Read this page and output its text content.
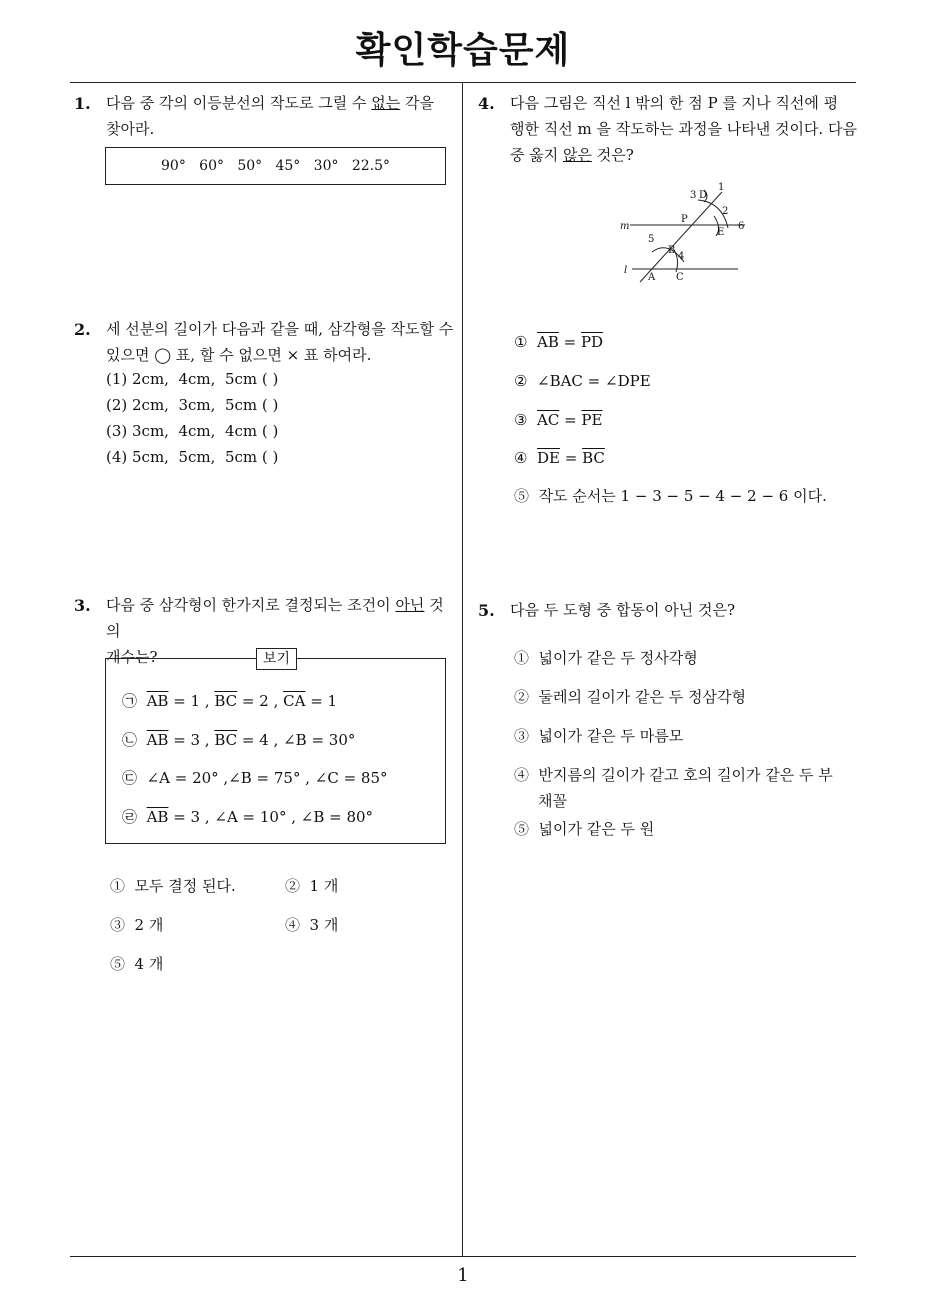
확인학습문제
1
1. 다음 중 각의 이등분선의 작도로 그릴 수 없는 각을
찾아라.
90°   60°   50°   45°   30°   22.5°
2. 세 선분의 길이가 다음과 같을 때, 삼각형을 작도할 수
있으면 ◯ 표, 할 수 없으면 × 표 하여라.
(1) 2cm,  4cm,  5cm ( )
(2) 2cm,  3cm,  5cm ( )
(3) 3cm,  4cm,  4cm ( )
(4) 5cm,  5cm,  5cm ( )
3. 다음 중 삼각형이 한가지로 결정되는 조건이 아닌 것의
개수는?	보기
㉠ $\overline{AB} = 1$ , $\overline{BC} = 2$ , $\overline{CA} = 1$
㉡ $\overline{AB} = 3$ , $\overline{BC} = 4$ , ∠B = 30°
㉢ ∠A = 20° ,∠B = 75° , ∠C = 85°
㉣ $\overline{AB} = 3$ , ∠A = 10° , ∠B = 80°
①  모두 결정 된다.	②  1 개
③  2 개	④  3 개
⑤  4 개
4. 다음 그림은 직선 l 밖의 한 점 P 를 지나 직선에 평
행한 직선 m 을 작도하는 과정을 나타낸 것이다. 다음
중 옳지 않은 것은?
m
l
P
D
E
A
B
C
1
2
3
4
5
6
① $\overline{AB} = \overline{PD}$
② ∠BAC = ∠DPE
③ $\overline{AC} = \overline{PE}$
④ $\overline{DE} = \overline{BC}$
⑤ 작도 순서는 1 − 3 − 5 − 4 − 2 − 6 이다.
5. 다음 두 도형 중 합동이 아닌 것은?
①  넓이가 같은 두 정사각형
②  둘레의 길이가 같은 두 정삼각형
③  넓이가 같은 두 마름모
④  반지름의 길이가 같고 호의 길이가 같은 두 부
채꼴
⑤  넓이가 같은 두 원
